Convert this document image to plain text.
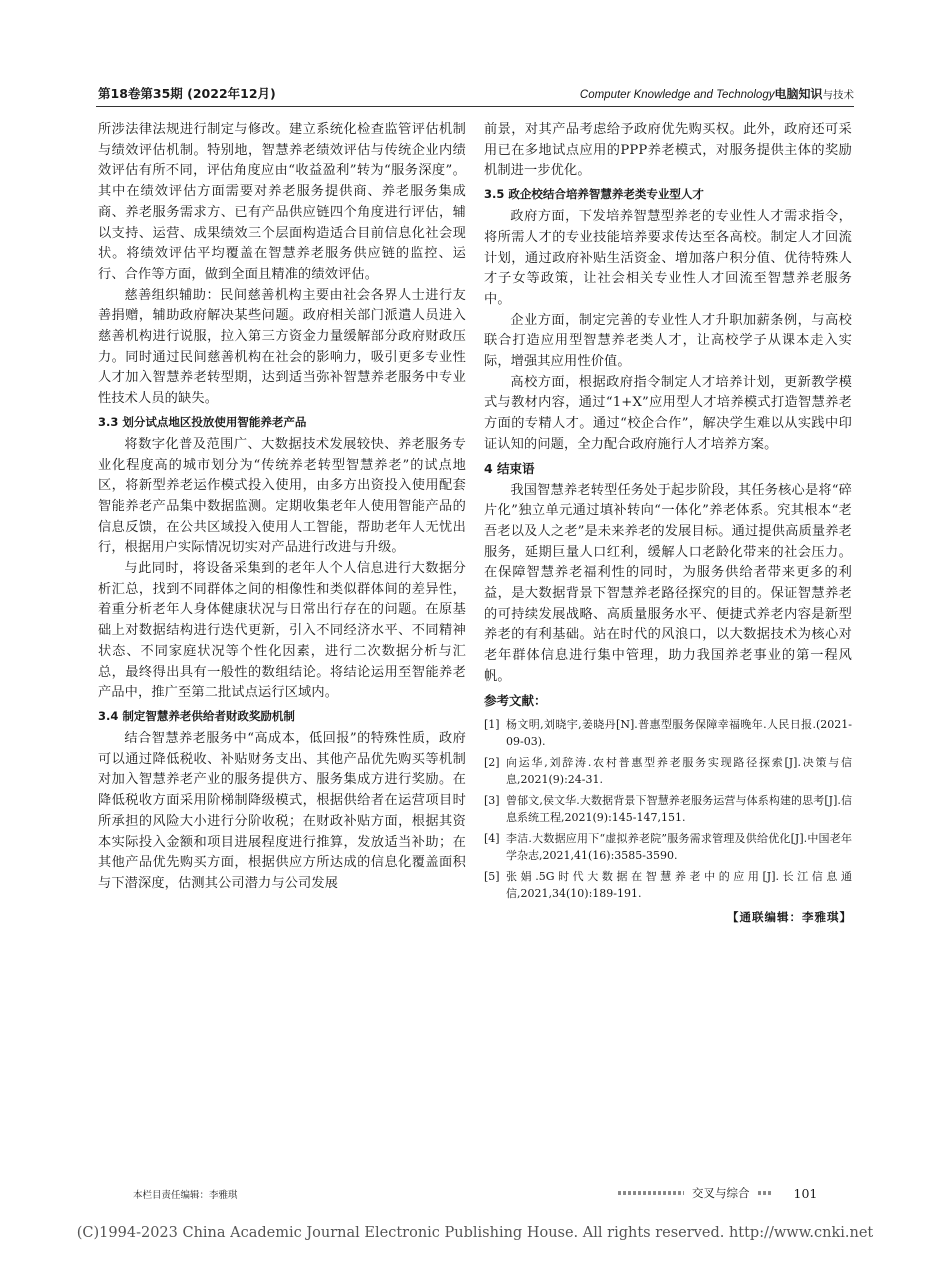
第18卷第35期 (2022年12月)	Computer Knowledge and Technology电脑知识与技术

所涉法律法规进行制定与修改。建立系统化检查监管评估机制与绩效评估机制。特别地，智慧养老绩效评估与传统企业内绩效评估有所不同，评估角度应由“收益盈利”转为“服务深度”。其中在绩效评估方面需要对养老服务提供商、养老服务集成商、养老服务需求方、已有产品供应链四个角度进行评估，辅以支持、运营、成果绩效三个层面构造适合目前信息化社会现状。将绩效评估平均覆盖在智慧养老服务供应链的监控、运行、合作等方面，做到全面且精准的绩效评估。

慈善组织辅助：民间慈善机构主要由社会各界人士进行友善捐赠，辅助政府解决某些问题。政府相关部门派遣人员进入慈善机构进行说服，拉入第三方资金力量缓解部分政府财政压力。同时通过民间慈善机构在社会的影响力，吸引更多专业性人才加入智慧养老转型期，达到适当弥补智慧养老服务中专业性技术人员的缺失。

3.3 划分试点地区投放使用智能养老产品

将数字化普及范围广、大数据技术发展较快、养老服务专业化程度高的城市划分为“传统养老转型智慧养老”的试点地区，将新型养老运作模式投入使用，由多方出资投入使用配套智能养老产品集中数据监测。定期收集老年人使用智能产品的信息反馈，在公共区域投入使用人工智能，帮助老年人无忧出行，根据用户实际情况切实对产品进行改进与升级。

与此同时，将设备采集到的老年人个人信息进行大数据分析汇总，找到不同群体之间的相像性和类似群体间的差异性，着重分析老年人身体健康状况与日常出行存在的问题。在原基础上对数据结构进行迭代更新，引入不同经济水平、不同精神状态、不同家庭状况等个性化因素，进行二次数据分析与汇总，最终得出具有一般性的数组结论。将结论运用至智能养老产品中，推广至第二批试点运行区域内。

3.4 制定智慧养老供给者财政奖励机制

结合智慧养老服务中“高成本，低回报”的特殊性质，政府可以通过降低税收、补贴财务支出、其他产品优先购买等机制对加入智慧养老产业的服务提供方、服务集成方进行奖励。在降低税收方面采用阶梯制降级模式，根据供给者在运营项目时所承担的风险大小进行分阶收税；在财政补贴方面，根据其资本实际投入金额和项目进展程度进行推算，发放适当补助；在其他产品优先购买方面，根据供应方所达成的信息化覆盖面积与下潜深度，估测其公司潜力与公司发展

前景，对其产品考虑给予政府优先购买权。此外，政府还可采用已在多地试点应用的PPP养老模式，对服务提供主体的奖励机制进一步优化。

3.5 政企校结合培养智慧养老类专业型人才

政府方面，下发培养智慧型养老的专业性人才需求指令，将所需人才的专业技能培养要求传达至各高校。制定人才回流计划，通过政府补贴生活资金、增加落户积分值、优待特殊人才子女等政策，让社会相关专业性人才回流至智慧养老服务中。

企业方面，制定完善的专业性人才升职加薪条例，与高校联合打造应用型智慧养老类人才，让高校学子从课本走入实际，增强其应用性价值。

高校方面，根据政府指令制定人才培养计划，更新教学模式与教材内容，通过“1+X”应用型人才培养模式打造智慧养老方面的专精人才。通过“校企合作”，解决学生难以从实践中印证认知的问题，全力配合政府施行人才培养方案。

4 结束语

我国智慧养老转型任务处于起步阶段，其任务核心是将“碎片化”独立单元通过填补转向“一体化”养老体系。究其根本“老吾老以及人之老”是未来养老的发展目标。通过提供高质量养老服务，延期巨量人口红利，缓解人口老龄化带来的社会压力。在保障智慧养老福利性的同时，为服务供给者带来更多的利益，是大数据背景下智慧养老路径探究的目的。保证智慧养老的可持续发展战略、高质量服务水平、便捷式养老内容是新型养老的有利基础。站在时代的风浪口，以大数据技术为核心对老年群体信息进行集中管理，助力我国养老事业的第一程风帆。

参考文献：
[1] 杨文明,刘晓宇,姜晓丹[N].普惠型服务保障幸福晚年.人民日报.(2021-09-03).
[2] 向运华,刘辞涛.农村普惠型养老服务实现路径探索[J].决策与信息,2021(9):24-31.
[3] 曾郁文,侯文华.大数据背景下智慧养老服务运营与体系构建的思考[J].信息系统工程,2021(9):145-147,151.
[4] 李洁.大数据应用下“虚拟养老院”服务需求管理及供给优化[J].中国老年学杂志,2021,41(16):3585-3590.
[5] 张娟.5G时代大数据在智慧养老中的应用[J].长江信息通信,2021,34(10):189-191.
【通联编辑：李雅琪】
本栏目责任编辑：李雅琪	交叉与综合	101
(C)1994-2023 China Academic Journal Electronic Publishing House. All rights reserved. http://www.cnki.net
